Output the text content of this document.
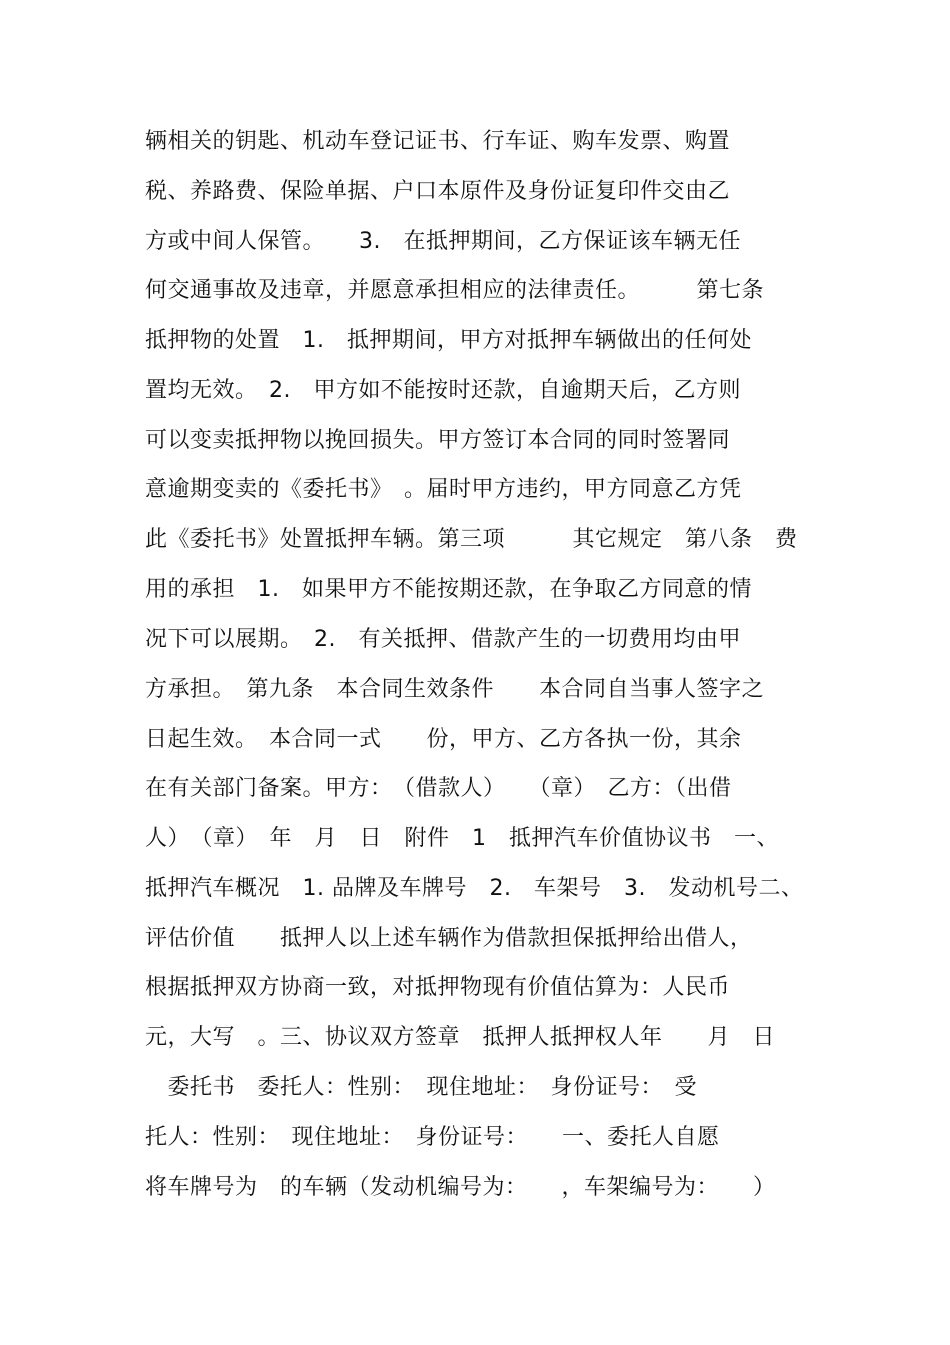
辆相关的钥匙、机动车登记证书、行车证、购车发票、购置
税、养路费、保险单据、户口本原件及身份证复印件交由乙
方或中间人保管。　　3.　在抵押期间，乙方保证该车辆无任
何交通事故及违章，并愿意承担相应的法律责任。　　　第七条
抵押物的处置　1.　抵押期间，甲方对抵押车辆做出的任何处
置均无效。　2.　甲方如不能按时还款，自逾期天后，乙方则
可以变卖抵押物以挽回损失。甲方签订本合同的同时签署同
意逾期变卖的《委托书》　。届时甲方违约，甲方同意乙方凭
此《委托书》处置抵押车辆。第三项　　　其它规定　第八条　费
用的承担　1.　如果甲方不能按期还款，在争取乙方同意的情
况下可以展期。　2.　有关抵押、借款产生的一切费用均由甲
方承担。　第九条　本合同生效条件　　本合同自当事人签字之
日起生效。　本合同一式　　份，甲方、乙方各执一份，其余
在有关部门备案。甲方：　（借款人）　　（章）　乙方：（出借
人）　（章）　年　月　日　附件　1　抵押汽车价值协议书　一、
抵押汽车概况　1. 品牌及车牌号　2.　车架号　3.　发动机号二、
评估价值　　抵押人以上述车辆作为借款担保抵押给出借人，
根据抵押双方协商一致，对抵押物现有价值估算为：人民币
元，大写　。三、协议双方签章　抵押人抵押权人年　　月　日
　委托书　委托人：性别：　现住地址：　身份证号：　受
托人：性别：　现住地址：　身份证号：　　一、委托人自愿
将车牌号为　的车辆（发动机编号为：　　，车架编号为：　　）
